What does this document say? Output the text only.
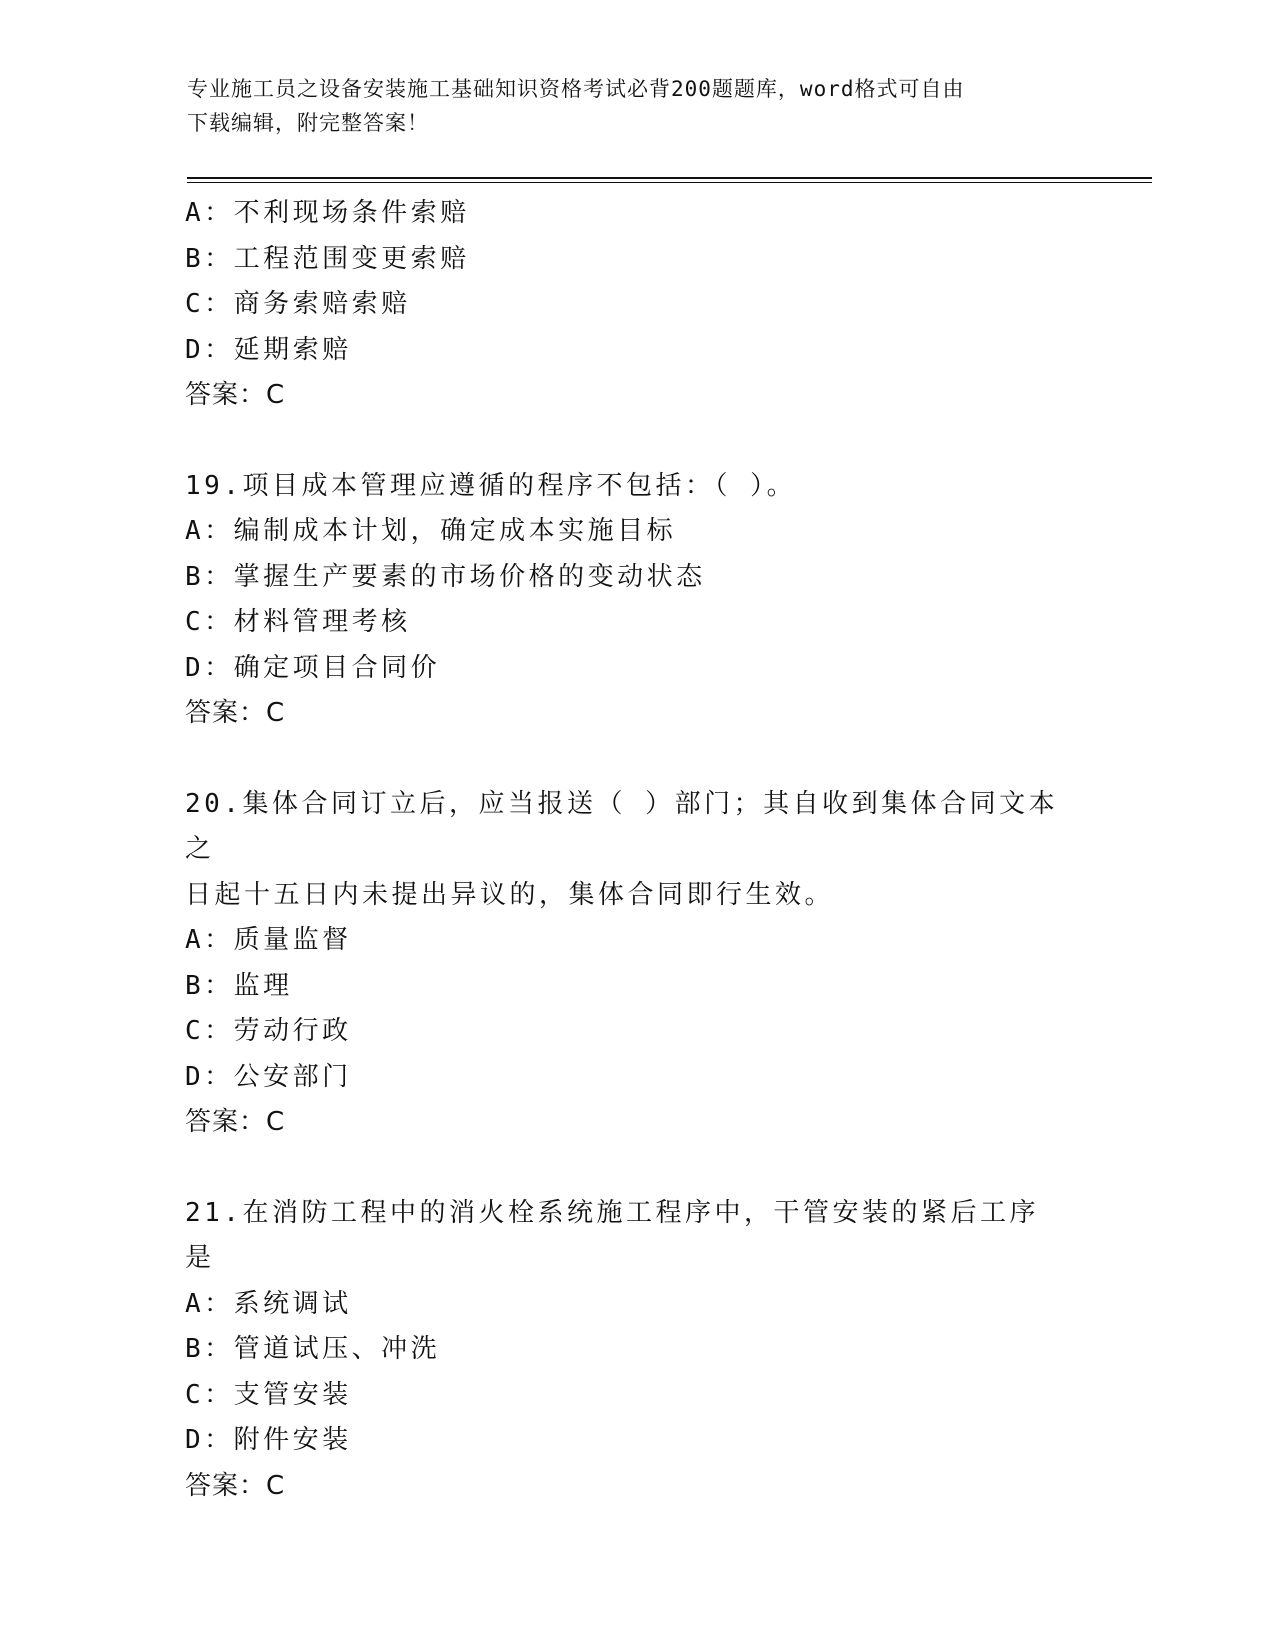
专业施工员之设备安装施工基础知识资格考试必背200题题库，word格式可自由
下载编辑，附完整答案！
A：不利现场条件索赔
B：工程范围变更索赔
C：商务索赔索赔
D：延期索赔
答案：C
19.项目成本管理应遵循的程序不包括：（ ）。
A：编制成本计划，确定成本实施目标
B：掌握生产要素的市场价格的变动状态
C：材料管理考核
D：确定项目合同价
答案：C
20.集体合同订立后，应当报送（ ）部门；其自收到集体合同文本之
日起十五日内未提出异议的，集体合同即行生效。
A：质量监督
B：监理
C：劳动行政
D：公安部门
答案：C
21.在消防工程中的消火栓系统施工程序中，干管安装的紧后工序是
A：系统调试
B：管道试压、冲洗
C：支管安装
D：附件安装
答案：C
